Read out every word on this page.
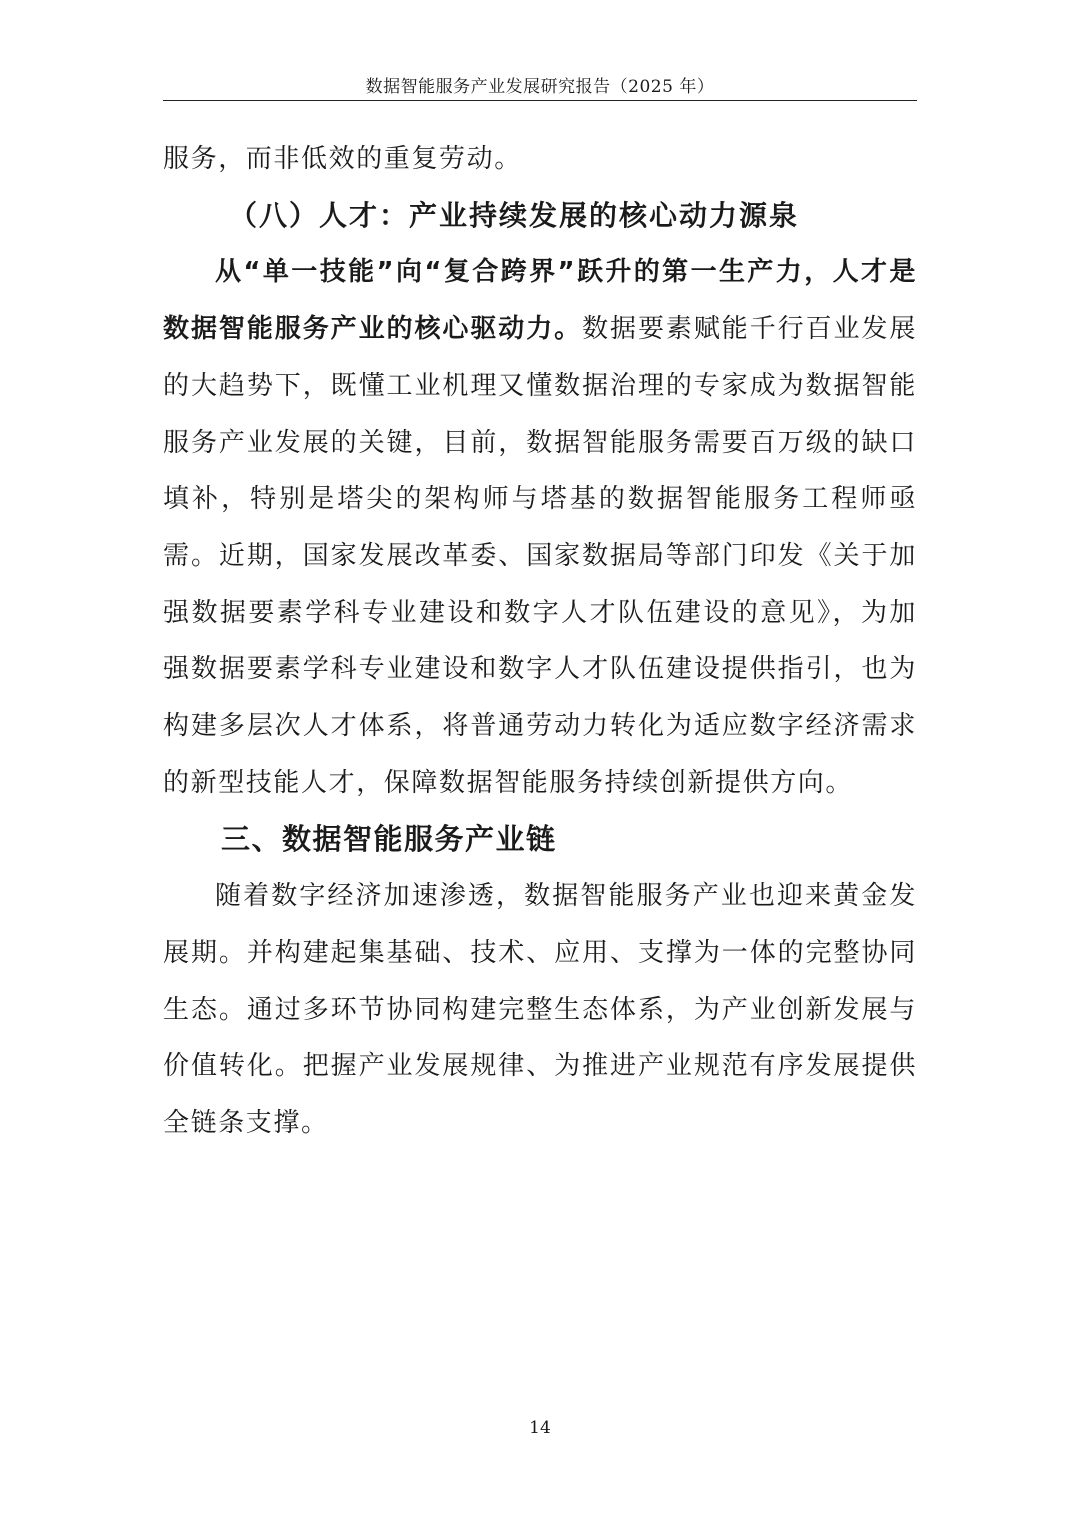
数据智能服务产业发展研究报告（2025 年）

服务，而非低效的重复劳动。

（八）人才：产业持续发展的核心动力源泉

从“单一技能”向“复合跨界”跃升的第一生产力，人才是数据智能服务产业的核心驱动力。数据要素赋能千行百业发展的大趋势下，既懂工业机理又懂数据治理的专家成为数据智能服务产业发展的关键，目前，数据智能服务需要百万级的缺口填补，特别是塔尖的架构师与塔基的数据智能服务工程师亟需。近期，国家发展改革委、国家数据局等部门印发《关于加强数据要素学科专业建设和数字人才队伍建设的意见》，为加强数据要素学科专业建设和数字人才队伍建设提供指引，也为构建多层次人才体系，将普通劳动力转化为适应数字经济需求的新型技能人才，保障数据智能服务持续创新提供方向。

三、数据智能服务产业链

随着数字经济加速渗透，数据智能服务产业也迎来黄金发展期。并构建起集基础、技术、应用、支撑为一体的完整协同生态。通过多环节协同构建完整生态体系，为产业创新发展与价值转化。把握产业发展规律、为推进产业规范有序发展提供全链条支撑。

14
